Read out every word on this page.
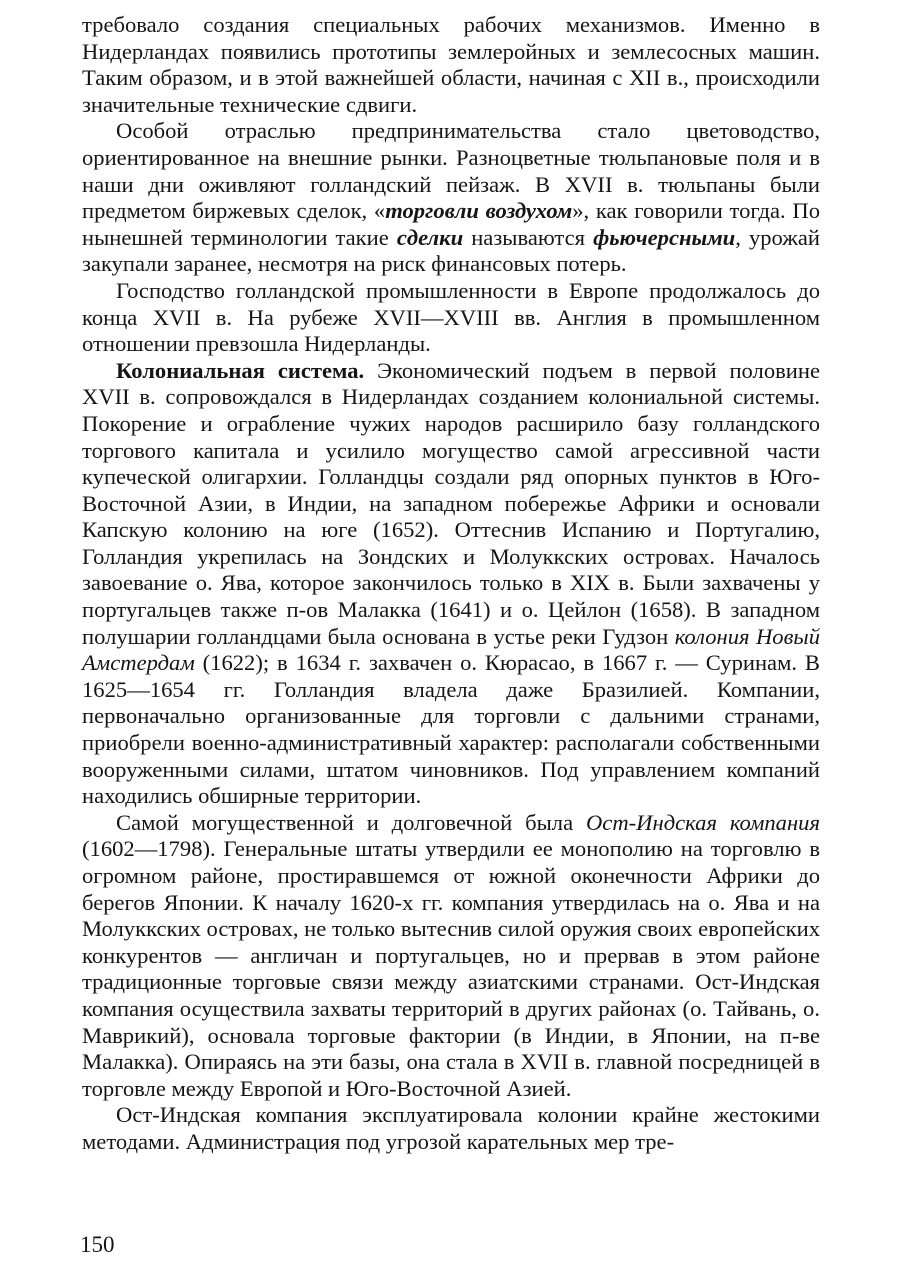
требовало создания специальных рабочих механизмов. Именно в Нидерландах появились прототипы землеройных и землесосных машин. Таким образом, и в этой важнейшей области, начиная с XII в., происходили значительные технические сдвиги.

Особой отраслью предпринимательства стало цветоводство, ориентированное на внешние рынки. Разноцветные тюльпановые поля и в наши дни оживляют голландский пейзаж. В XVII в. тюльпаны были предметом биржевых сделок, «торговли воздухом», как говорили тогда. По нынешней терминологии такие сделки называются фьючерсными, урожай закупали заранее, несмотря на риск финансовых потерь.

Господство голландской промышленности в Европе продолжалось до конца XVII в. На рубеже XVII—XVIII вв. Англия в промышленном отношении превзошла Нидерланды.

Колониальная система. Экономический подъем в первой половине XVII в. сопровождался в Нидерландах созданием колониальной системы. Покорение и ограбление чужих народов расширило базу голландского торгового капитала и усилило могущество самой агрессивной части купеческой олигархии. Голландцы создали ряд опорных пунктов в Юго-Восточной Азии, в Индии, на западном побережье Африки и основали Капскую колонию на юге (1652). Оттеснив Испанию и Португалию, Голландия укрепилась на Зондских и Молуккских островах. Началось завоевание о. Ява, которое закончилось только в XIX в. Были захвачены у португальцев также п-ов Малакка (1641) и о. Цейлон (1658). В западном полушарии голландцами была основана в устье реки Гудзон колония Новый Амстердам (1622); в 1634 г. захвачен о. Кюрасао, в 1667 г. — Суринам. В 1625—1654 гг. Голландия владела даже Бразилией. Компании, первоначально организованные для торговли с дальними странами, приобрели военно-административный характер: располагали собственными вооруженными силами, штатом чиновников. Под управлением компаний находились обширные территории.

Самой могущественной и долговечной была Ост-Индская компания (1602—1798). Генеральные штаты утвердили ее монополию на торговлю в огромном районе, простиравшемся от южной оконечности Африки до берегов Японии. К началу 1620-х гг. компания утвердилась на о. Ява и на Молуккских островах, не только вытеснив силой оружия своих европейских конкурентов — англичан и португальцев, но и прервав в этом районе традиционные торговые связи между азиатскими странами. Ост-Индская компания осуществила захваты территорий в других районах (о. Тайвань, о. Маврикий), основала торговые фактории (в Индии, в Японии, на п-ве Малакка). Опираясь на эти базы, она стала в XVII в. главной посредницей в торговле между Европой и Юго-Восточной Азией.

Ост-Индская компания эксплуатировала колонии крайне жестокими методами. Администрация под угрозой карательных мер тре-

150
